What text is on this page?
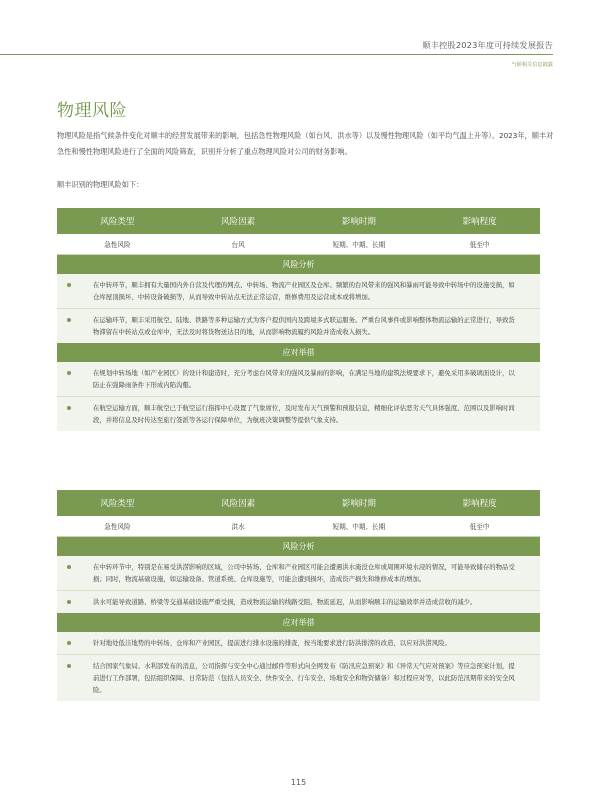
顺丰控股2023年度可持续发展报告
气候相关信息披露
物理风险
物理风险是指气候条件变化对顺丰的经营发展带来的影响，包括急性物理风险（如台风、洪水等）以及慢性物理风险（如平均气温上升等）。2023年，顺丰对急性和慢性物理风险进行了全面的风险筛查，识别并分析了重点物理风险对公司的财务影响。
顺丰识别的物理风险如下：
风险类型	风险因素	影响时期	影响程度
急性风险	台风	短期、中期、长期	低至中
风险分析
在中转环节，顺丰拥有大量国内外自营及代理的网点、中转场、物流产业园区及仓库。频繁的台风带来的强风和暴雨可能导致中转场中的设施受损，如仓库屋顶损坏、中转设备破损等，从而导致中转站点无法正常运营，维修费用及运营成本或将增加。
在运输环节，顺丰采用航空、陆地、铁路等多种运输方式为客户提供国内及跨境多式联运服务。严重台风事件或影响整体物流运输的正常进行，导致货物滞留在中转站点或仓库中，无法及时将货物送达目的地，从而影响物流履约风险并造成收入损失。
应对举措
在规划中转场地（如产业园区）的设计和建造时，充分考虑台风带来的强风及暴雨的影响，在满足当地的建筑法规要求下，避免采用多破璃面设计，以防止在强降雨条件下形成内陷沟壑。
在航空运输方面，顺丰航空已于航空运行指挥中心设置了气象席位，及时发布天气预警和预报信息，精细化评估恶劣天气具体强度、范围以及影响时间段，并将信息及时传达至旅行签派等各运行保障单位，为航班决策调整等提供气象支持。
风险类型	风险因素	影响时期	影响程度
急性风险	洪水	短期、中期、长期	低至中
风险分析
在中转环节中，特别是在易受洪涝影响的区域，公司中转场、仓库和产业园区可能会遭遇洪水淹没仓库或周围环境水浸的情况，可能导致储存的物品受损；同时，物流基础设施，如运输设备、管道系统、仓库设施等，可能会遭到损坏，造成资产损失和维修成本的增加。
洪水可能导致道路、桥梁等交通基础设施严重受损，造成物流运输的线路受阻、物流延迟，从而影响顺丰的运输效率并造成营收的减少。
应对举措
针对地处低洼地势的中转场、仓库和产业园区，提前进行排水设施的排查，按当地要求进行防洪排涝的改造，以应对洪涝风险。
结合国家气象局、水利部发布的消息，公司指挥与安全中心通过邮件等形式向全网发布《防汛应急预案》和《异常天气应对预案》等应急预案计划，提前进行工作部署，包括组织保障、日常防范（包括人员安全、快件安全、行车安全、场地安全和物资储备）和过程应对等，以此防范汛期带来的安全风险。
115
